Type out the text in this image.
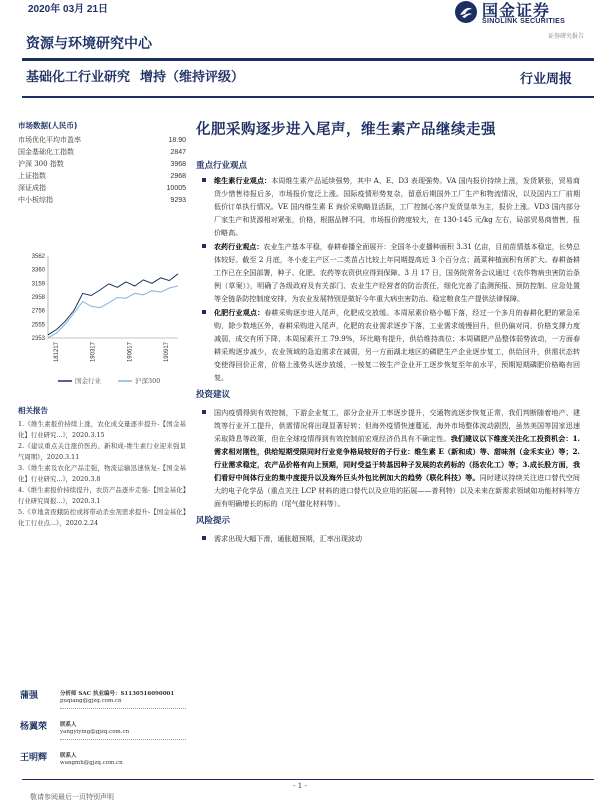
2020年 03月 21日	国金证券
SINOLINK SECURITIES
证券研究报告
资源与环境研究中心
基础化工行业研究 增持（维持评级）	行业周报
市场数据(人民币)
市场优化平均市盈率	18.90
国金基础化工指数	2847
沪深 300 指数	3968
上证指数	2968
深证成指	10005
中小板综指	9293
3562
3360
3159
2958
2756
2555
2353
181217	190317	190617	190917
国金行业	沪深300
相关报告
1.《维生素报价持续上涨，农化成交量逐步提升-【国金基化】行业研究...》，2020.3.15
2.《建议重点关注涨价医药、新和成-维生素行业迎来强景气周期》，2020.3.11
3.《维生素及农化产品走强，物流运输迅速恢复-【国金基化】行业研究...》，2020.3.8
4.《维生素报价持续提升，农资产品逐步走强-【国金基化】行业研究周报...》，2020.3.1
5.《草地贪夜蛾防控或将带动杀虫剂需求提升-【国金基化】化工行业点...》，2020.2.24
蒲强	分析师 SAC 执业编号：S1130516090001
puqiang@gjzq.com.cn
杨翼荣 联系人
yangyiying@gjzq.com.cn
王明辉 联系人
wangmh@gjzq.com.cn
化肥采购逐步进入尾声，维生素产品继续走强
重点行业观点
维生素行业观点：本周维生素产品延续强势，其中 A、E、D3 表现强势。VA 国内报价持续上涨，发货紧张，贸易商货少惜售待报后多，市场报价宽泛上涨。国际疫情形势复杂，留意后期国外工厂生产和物流情况，以及国内工厂前期低价订单执行情况。VE 国内维生素 E 询价采购略显活跃，工厂控制心客户发货显单为主，报价上涨。VD3 国内部分厂家生产和货源相对紧张，价格，根据品牌不同，市场报价跨度较大，在 130-145 元/kg 左右，局部贸易商惜售，报价略高。
农药行业观点：农业生产基本平稳，春耕春播全面展开：全国冬小麦播种面积 3.31 亿亩，目前苗情基本稳定，长势总体较好。截至 2 月底，冬小麦主产区一二类苗占比较上年同期提高近 3 个百分点；蔬菜种植面积有所扩大。春耕备耕工作已在全国部署，种子、化肥、农药等农资供应得到保障。3 月 17 日，国务院常务会议通过《农作物病虫害防治条例（草案）》，明确了各级政府及有关部门、农业生产经营者的防治责任，细化完善了监测预报、预防控制、应急处置等全链条防控制度安排，为农业发展特别是做好今年重大病虫害防治、稳定粮食生产提供法律保障。
化肥行业观点：春耕采购逐步进入尾声，化肥成交放缓。本周尿素价格小幅下落，经过一个多月的春耕化肥的紧急采购，除少数地区外，春耕采购进入尾声，化肥的农业需求逐步下落，工业需求缓慢回升，但仍偏对同，价格支撑力度减弱，成交有所下降，本周尿素开工 79.9%，环比略有提升，供给维持高位；本周磷肥产品整体弱势波动，一方面春耕采购逐步减少，农业领域的急迫需求在减弱，另一方面湖北地区的磷肥生产企业逐步复工，供给回升，供需状态转变使得回价正常，价格上涨势头逐步放缓，一铵复二铵生产企业开工逐步恢复至年前水平，预期短期磷肥价格略有回复。
投资建议
国内疫情得到有效控制，下游企业复工，部分企业开工率逐步提升，交通物流逐步恢复正常，我们判断随着地产、建筑等行业开工提升，供需情况将出现显著好转；但海外疫情快速蔓延，海外市场整体波动剧烈，虽然美国等国家迅速采取降息等政策，但在全球疫情得到有效控制前宏观经济仍具有不确定性。我们建议以下维度关注化工投资机会：1.需求相对刚性，供给短期受限同时行业竞争格局较好的子行业：维生素 E（新和成）等、甜味剂（金禾实业）等；2.行业需求稳定，农产品价格有向上预期，同时受益于转基因种子发展的农药标的（扬农化工）等；3.成长股方面，我们看好中间体行业的集中度提升以及海外巨头外包比例加大的趋势（联化科技）等。同时建议持续关注进口替代空间大的电子化学品（重点关注 LCP 材料的进口替代以及应用的拓展——普利特）以及未来在新需求领域如功能材料等方面有明确增长的标的（尾气催化材料等）。
风险提示
需求出现大幅下滑，通胀超预期，汇率出现波动
- 1 -
敬请参阅最后一页特别声明
